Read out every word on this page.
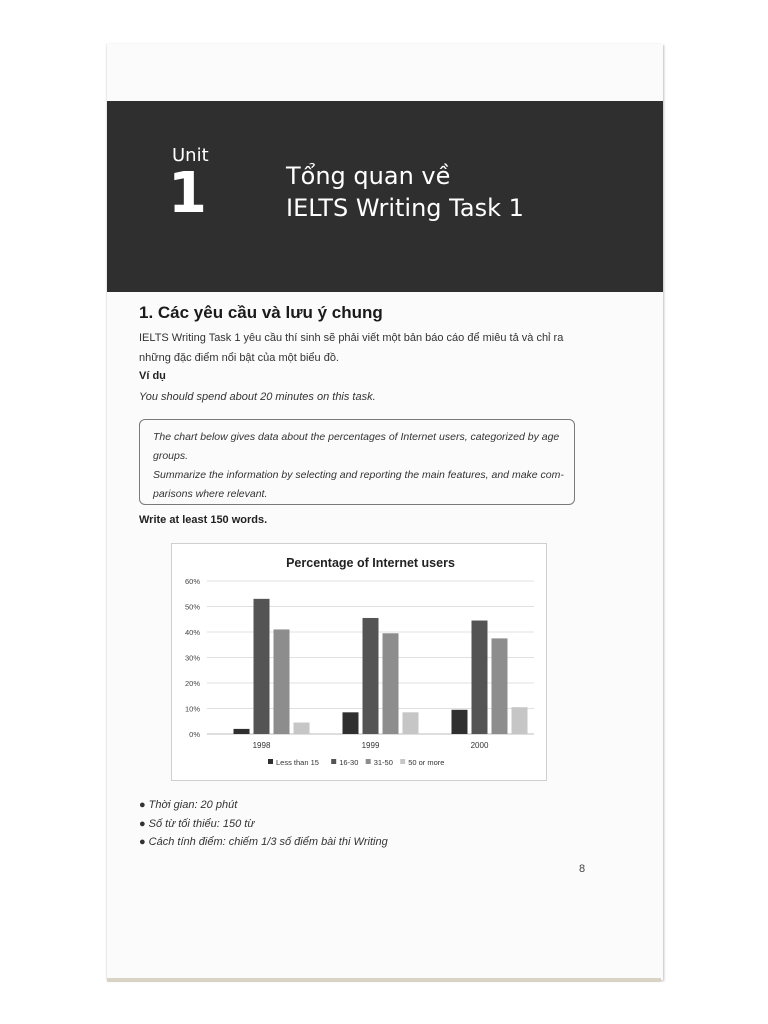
Unit
1	Tổng quan về
IELTS Writing Task 1
1. Các yêu cầu và lưu ý chung
IELTS Writing Task 1 yêu cầu thí sinh sẽ phải viết một bản báo cáo để miêu tả và chỉ ra
những đặc điểm nổi bật của một biểu đồ.
Ví dụ
You should spend about 20 minutes on this task.
The chart below gives data about the percentages of Internet users, categorized by age
groups.
Summarize the information by selecting and reporting the main features, and make com-
parisons where relevant.
Write at least 150 words.
Percentage of Internet users
0%
10%
20%
30%
40%
50%
60%
1998	1999	2000
Less than 15	16-30 31-50 50 or more
● Thời gian: 20 phút
● Số từ tối thiểu: 150 từ
● Cách tính điểm: chiếm 1/3 số điểm bài thi Writing
8
